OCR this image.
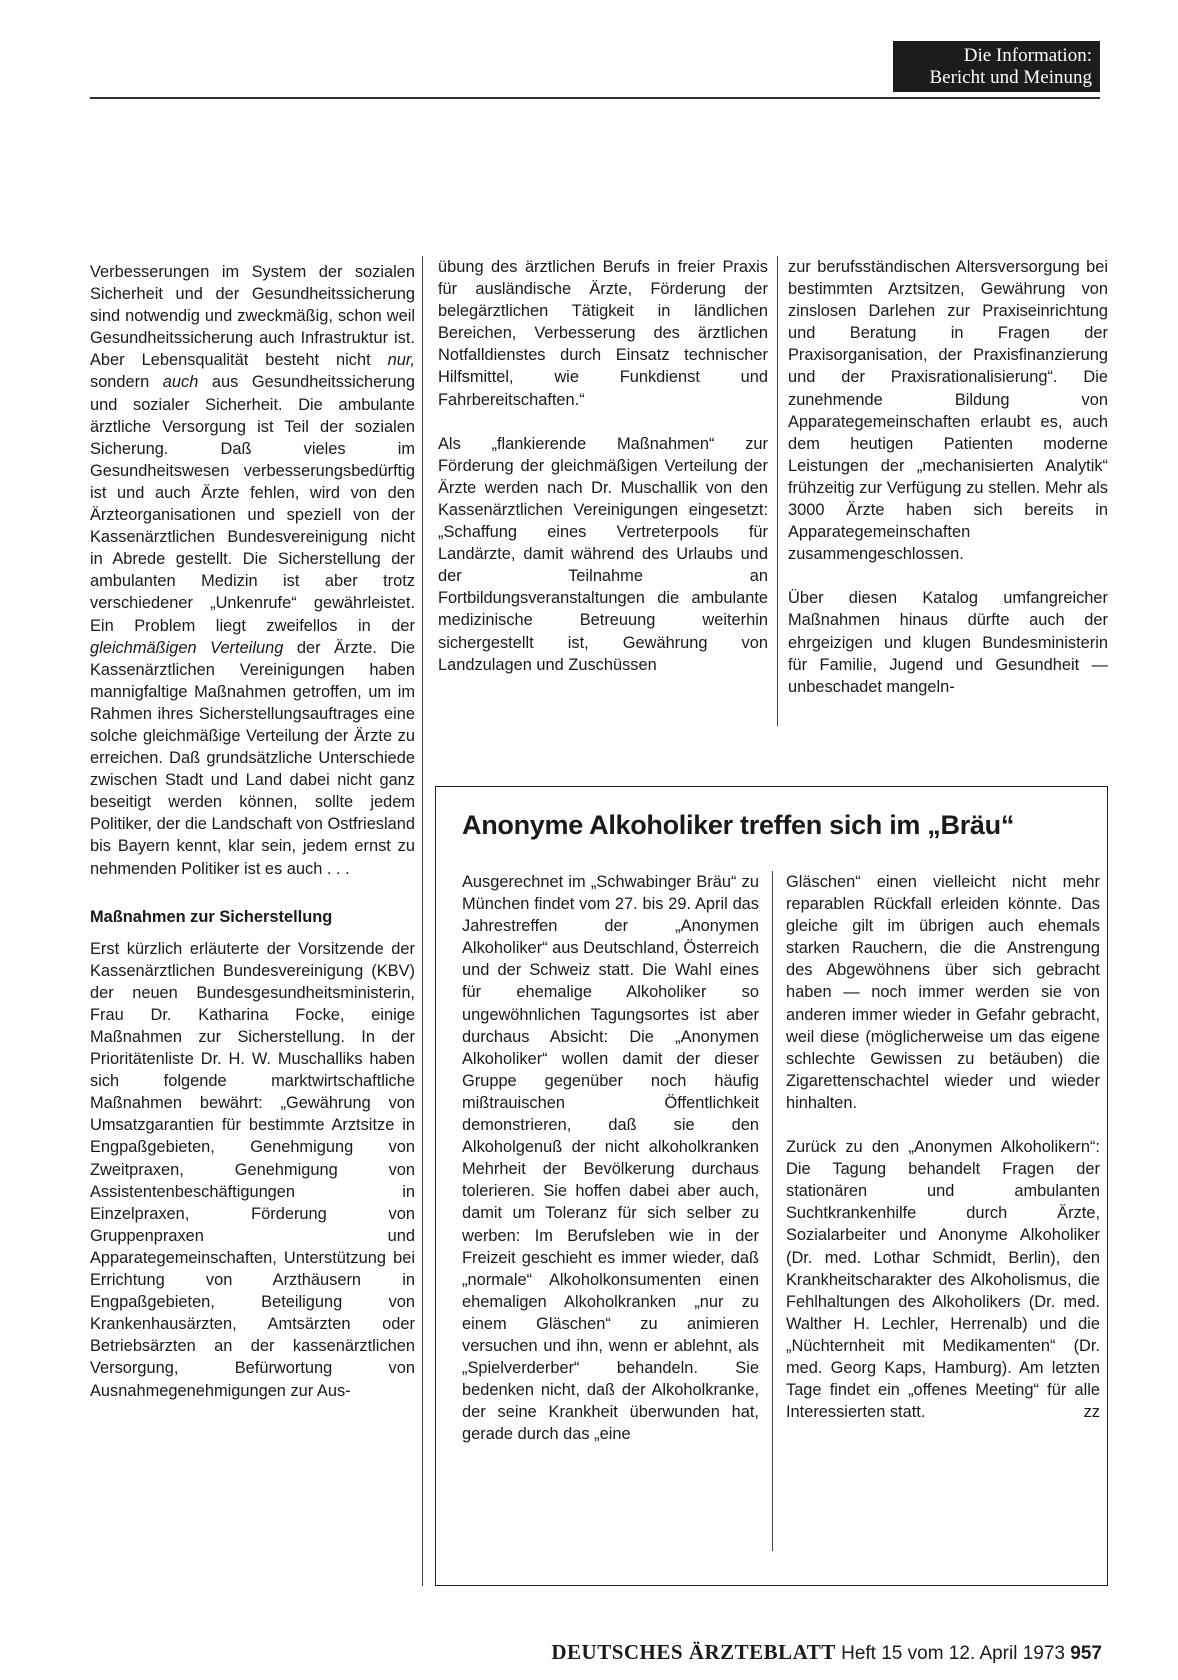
Die Information:
Bericht und Meinung

Verbesserungen im System der sozialen Sicherheit und der Gesundheitssicherung sind notwendig und zweckmäßig, schon weil Gesundheitssicherung auch Infrastruktur ist. Aber Lebensqualität besteht nicht nur, sondern auch aus Gesundheitssicherung und sozialer Sicherheit. Die ambulante ärztliche Versorgung ist Teil der sozialen Sicherung. Daß vieles im Gesundheitswesen verbesserungsbedürftig ist und auch Ärzte fehlen, wird von den Ärzteorganisationen und speziell von der Kassenärztlichen Bundesvereinigung nicht in Abrede gestellt. Die Sicherstellung der ambulanten Medizin ist aber trotz verschiedener „Unkenrufe“ gewährleistet. Ein Problem liegt zweifellos in der gleichmäßigen Verteilung der Ärzte. Die Kassenärztlichen Vereinigungen haben mannigfaltige Maßnahmen getroffen, um im Rahmen ihres Sicherstellungsauftrages eine solche gleichmäßige Verteilung der Ärzte zu erreichen. Daß grundsätzliche Unterschiede zwischen Stadt und Land dabei nicht ganz beseitigt werden können, sollte jedem Politiker, der die Landschaft von Ostfriesland bis Bayern kennt, klar sein, jedem ernst zu nehmenden Politiker ist es auch . . .

Maßnahmen zur Sicherstellung

Erst kürzlich erläuterte der Vorsitzende der Kassenärztlichen Bundesvereinigung (KBV) der neuen Bundesgesundheitsministerin, Frau Dr. Katharina Focke, einige Maßnahmen zur Sicherstellung. In der Prioritätenliste Dr. H. W. Muschalliks haben sich folgende marktwirtschaftliche Maßnahmen bewährt: „Gewährung von Umsatzgarantien für bestimmte Arztsitze in Engpaßgebieten, Genehmigung von Zweitpraxen, Genehmigung von Assistentenbeschäftigungen in Einzelpraxen, Förderung von Gruppenpraxen und Apparategemeinschaften, Unterstützung bei Errichtung von Arzthäusern in Engpaßgebieten, Beteiligung von Krankenhausärzten, Amtsärzten oder Betriebsärzten an der kassenärztlichen Versorgung, Befürwortung von Ausnahmegenehmigungen zur Aus-

übung des ärztlichen Berufs in freier Praxis für ausländische Ärzte, Förderung der belegärztlichen Tätigkeit in ländlichen Bereichen, Verbesserung des ärztlichen Notfalldienstes durch Einsatz technischer Hilfsmittel, wie Funkdienst und Fahrbereitschaften.“

Als „flankierende Maßnahmen“ zur Förderung der gleichmäßigen Verteilung der Ärzte werden nach Dr. Muschallik von den Kassenärztlichen Vereinigungen eingesetzt: „Schaffung eines Vertreterpools für Landärzte, damit während des Urlaubs und der Teilnahme an Fortbildungsveranstaltungen die ambulante medizinische Betreuung weiterhin sichergestellt ist, Gewährung von Landzulagen und Zuschüssen

zur berufsständischen Altersversorgung bei bestimmten Arztsitzen, Gewährung von zinslosen Darlehen zur Praxiseinrichtung und Beratung in Fragen der Praxisorganisation, der Praxisfinanzierung und der Praxisrationalisierung“. Die zunehmende Bildung von Apparategemeinschaften erlaubt es, auch dem heutigen Patienten moderne Leistungen der „mechanisierten Analytik“ frühzeitig zur Verfügung zu stellen. Mehr als 3000 Ärzte haben sich bereits in Apparategemeinschaften zusammengeschlossen.

Über diesen Katalog umfangreicher Maßnahmen hinaus dürfte auch der ehrgeizigen und klugen Bundesministerin für Familie, Jugend und Gesundheit — unbeschadet mangeln-

Anonyme Alkoholiker treffen sich im „Bräu“

Ausgerechnet im „Schwabinger Bräu“ zu München findet vom 27. bis 29. April das Jahrestreffen der „Anonymen Alkoholiker“ aus Deutschland, Österreich und der Schweiz statt. Die Wahl eines für ehemalige Alkoholiker so ungewöhnlichen Tagungsortes ist aber durchaus Absicht: Die „Anonymen Alkoholiker“ wollen damit der dieser Gruppe gegenüber noch häufig mißtrauischen Öffentlichkeit demonstrieren, daß sie den Alkoholgenuß der nicht alkoholkranken Mehrheit der Bevölkerung durchaus tolerieren. Sie hoffen dabei aber auch, damit um Toleranz für sich selber zu werben: Im Berufsleben wie in der Freizeit geschieht es immer wieder, daß „normale“ Alkoholkonsumenten einen ehemaligen Alkoholkranken „nur zu einem Gläschen“ zu animieren versuchen und ihn, wenn er ablehnt, als „Spielverderber“ behandeln. Sie bedenken nicht, daß der Alkoholkranke, der seine Krankheit überwunden hat, gerade durch das „eine

Gläschen“ einen vielleicht nicht mehr reparablen Rückfall erleiden könnte. Das gleiche gilt im übrigen auch ehemals starken Rauchern, die die Anstrengung des Abgewöhnens über sich gebracht haben — noch immer werden sie von anderen immer wieder in Gefahr gebracht, weil diese (möglicherweise um das eigene schlechte Gewissen zu betäuben) die Zigarettenschachtel wieder und wieder hinhalten.

Zurück zu den „Anonymen Alkoholikern“: Die Tagung behandelt Fragen der stationären und ambulanten Suchtkrankenhilfe durch Ärzte, Sozialarbeiter und Anonyme Alkoholiker (Dr. med. Lothar Schmidt, Berlin), den Krankheitscharakter des Alkoholismus, die Fehlhaltungen des Alkoholikers (Dr. med. Walther H. Lechler, Herrenalb) und die „Nüchternheit mit Medikamenten“ (Dr. med. Georg Kaps, Hamburg). Am letzten Tage findet ein „offenes Meeting“ für alle Interessierten statt.	zz

DEUTSCHES ÄRZTEBLATT Heft 15 vom 12. April 1973 957
